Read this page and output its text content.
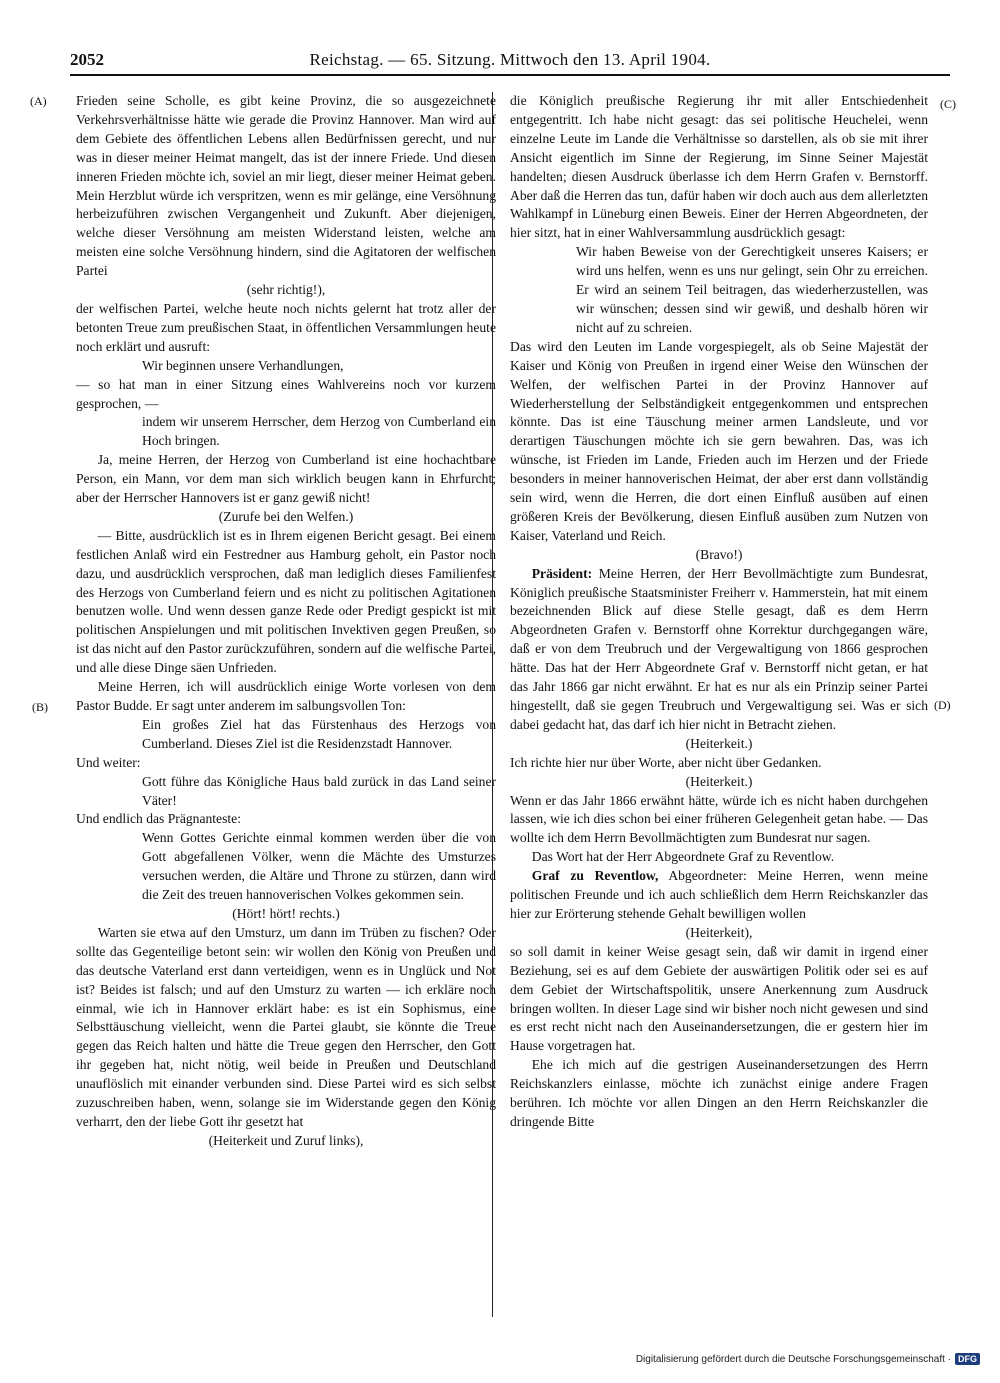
2052	Reichstag. — 65. Sitzung. Mittwoch den 13. April 1904.
(A)
(B)
(C)
(D)

Frieden seine Scholle, es gibt keine Provinz, die so ausgezeichnete Verkehrsverhältnisse hätte wie gerade die Provinz Hannover. Man wird auf dem Gebiete des öffentlichen Lebens allen Bedürfnissen gerecht, und nur was in dieser meiner Heimat mangelt, das ist der innere Friede. Und diesen inneren Frieden möchte ich, soviel an mir liegt, dieser meiner Heimat geben. Mein Herzblut würde ich verspritzen, wenn es mir gelänge, eine Versöhnung herbeizuführen zwischen Vergangenheit und Zukunft. Aber diejenigen, welche dieser Versöhnung am meisten Widerstand leisten, welche am meisten eine solche Versöhnung hindern, sind die Agitatoren der welfischen Partei

(sehr richtig!),

der welfischen Partei, welche heute noch nichts gelernt hat trotz aller der betonten Treue zum preußischen Staat, in öffentlichen Versammlungen heute noch erklärt und ausruft:

Wir beginnen unsere Verhandlungen,

— so hat man in einer Sitzung eines Wahlvereins noch vor kurzem gesprochen, —

indem wir unserem Herrscher, dem Herzog von Cumberland ein Hoch bringen.

Ja, meine Herren, der Herzog von Cumberland ist eine hochachtbare Person, ein Mann, vor dem man sich wirklich beugen kann in Ehrfurcht; aber der Herrscher Hannovers ist er ganz gewiß nicht!

(Zurufe bei den Welfen.)

— Bitte, ausdrücklich ist es in Ihrem eigenen Bericht gesagt. Bei einem festlichen Anlaß wird ein Festredner aus Hamburg geholt, ein Pastor noch dazu, und ausdrücklich versprochen, daß man lediglich dieses Familienfest des Herzogs von Cumberland feiern und es nicht zu politischen Agitationen benutzen wolle. Und wenn dessen ganze Rede oder Predigt gespickt ist mit politischen Anspielungen und mit politischen Invektiven gegen Preußen, so ist das nicht auf den Pastor zurückzuführen, sondern auf die welfische Partei, und alle diese Dinge säen Unfrieden.

Meine Herren, ich will ausdrücklich einige Worte vorlesen von dem Pastor Budde. Er sagt unter anderem im salbungsvollen Ton:

Ein großes Ziel hat das Fürstenhaus des Herzogs von Cumberland. Dieses Ziel ist die Residenzstadt Hannover.

Und weiter:

Gott führe das Königliche Haus bald zurück in das Land seiner Väter!

Und endlich das Prägnanteste:

Wenn Gottes Gerichte einmal kommen werden über die von Gott abgefallenen Völker, wenn die Mächte des Umsturzes versuchen werden, die Altäre und Throne zu stürzen, dann wird die Zeit des treuen hannoverischen Volkes gekommen sein.

(Hört! hört! rechts.)

Warten sie etwa auf den Umsturz, um dann im Trüben zu fischen? Oder sollte das Gegenteilige betont sein: wir wollen den König von Preußen und das deutsche Vaterland erst dann verteidigen, wenn es in Unglück und Not ist? Beides ist falsch; und auf den Umsturz zu warten — ich erkläre noch einmal, wie ich in Hannover erklärt habe: es ist ein Sophismus, eine Selbsttäuschung vielleicht, wenn die Partei glaubt, sie könnte die Treue gegen das Reich halten und hätte die Treue gegen den Herrscher, den Gott ihr gegeben hat, nicht nötig, weil beide in Preußen und Deutschland unauflöslich mit einander verbunden sind. Diese Partei wird es sich selbst zuzuschreiben haben, wenn, solange sie im Widerstande gegen den König verharrt, den der liebe Gott ihr gesetzt hat

(Heiterkeit und Zuruf links),

die Königlich preußische Regierung ihr mit aller Entschiedenheit entgegentritt. Ich habe nicht gesagt: das sei politische Heuchelei, wenn einzelne Leute im Lande die Verhältnisse so darstellen, als ob sie mit ihrer Ansicht eigentlich im Sinne der Regierung, im Sinne Seiner Majestät handelten; diesen Ausdruck überlasse ich dem Herrn Grafen v. Bernstorff. Aber daß die Herren das tun, dafür haben wir doch auch aus dem allerletzten Wahlkampf in Lüneburg einen Beweis. Einer der Herren Abgeordneten, der hier sitzt, hat in einer Wahlversammlung ausdrücklich gesagt:

Wir haben Beweise von der Gerechtigkeit unseres Kaisers; er wird uns helfen, wenn es uns nur gelingt, sein Ohr zu erreichen. Er wird an seinem Teil beitragen, das wiederherzustellen, was wir wünschen; dessen sind wir gewiß, und deshalb hören wir nicht auf zu schreien.

Das wird den Leuten im Lande vorgespiegelt, als ob Seine Majestät der Kaiser und König von Preußen in irgend einer Weise den Wünschen der Welfen, der welfischen Partei in der Provinz Hannover auf Wiederherstellung der Selbständigkeit entgegenkommen und entsprechen könnte. Das ist eine Täuschung meiner armen Landsleute, und vor derartigen Täuschungen möchte ich sie gern bewahren. Das, was ich wünsche, ist Frieden im Lande, Frieden auch im Herzen und der Friede besonders in meiner hannoverischen Heimat, der aber erst dann vollständig sein wird, wenn die Herren, die dort einen Einfluß ausüben auf einen größeren Kreis der Bevölkerung, diesen Einfluß ausüben zum Nutzen von Kaiser, Vaterland und Reich.

(Bravo!)

Präsident: Meine Herren, der Herr Bevollmächtigte zum Bundesrat, Königlich preußische Staatsminister Freiherr v. Hammerstein, hat mit einem bezeichnenden Blick auf diese Stelle gesagt, daß es dem Herrn Abgeordneten Grafen v. Bernstorff ohne Korrektur durchgegangen wäre, daß er von dem Treubruch und der Vergewaltigung von 1866 gesprochen hätte. Das hat der Herr Abgeordnete Graf v. Bernstorff nicht getan, er hat das Jahr 1866 gar nicht erwähnt. Er hat es nur als ein Prinzip seiner Partei hingestellt, daß sie gegen Treubruch und Vergewaltigung sei. Was er sich dabei gedacht hat, das darf ich hier nicht in Betracht ziehen.

(Heiterkeit.)

Ich richte hier nur über Worte, aber nicht über Gedanken.

(Heiterkeit.)

Wenn er das Jahr 1866 erwähnt hätte, würde ich es nicht haben durchgehen lassen, wie ich dies schon bei einer früheren Gelegenheit getan habe. — Das wollte ich dem Herrn Bevollmächtigten zum Bundesrat nur sagen.

Das Wort hat der Herr Abgeordnete Graf zu Reventlow.

Graf zu Reventlow, Abgeordneter: Meine Herren, wenn meine politischen Freunde und ich auch schließlich dem Herrn Reichskanzler das hier zur Erörterung stehende Gehalt bewilligen wollen

(Heiterkeit),

so soll damit in keiner Weise gesagt sein, daß wir damit in irgend einer Beziehung, sei es auf dem Gebiete der auswärtigen Politik oder sei es auf dem Gebiet der Wirtschaftspolitik, unsere Anerkennung zum Ausdruck bringen wollten. In dieser Lage sind wir bisher noch nicht gewesen und sind es erst recht nicht nach den Auseinandersetzungen, die er gestern hier im Hause vorgetragen hat.

Ehe ich mich auf die gestrigen Auseinandersetzungen des Herrn Reichskanzlers einlasse, möchte ich zunächst einige andere Fragen berühren. Ich möchte vor allen Dingen an den Herrn Reichskanzler die dringende Bitte

Digitalisierung gefördert durch die Deutsche Forschungsgemeinschaft · DFG
